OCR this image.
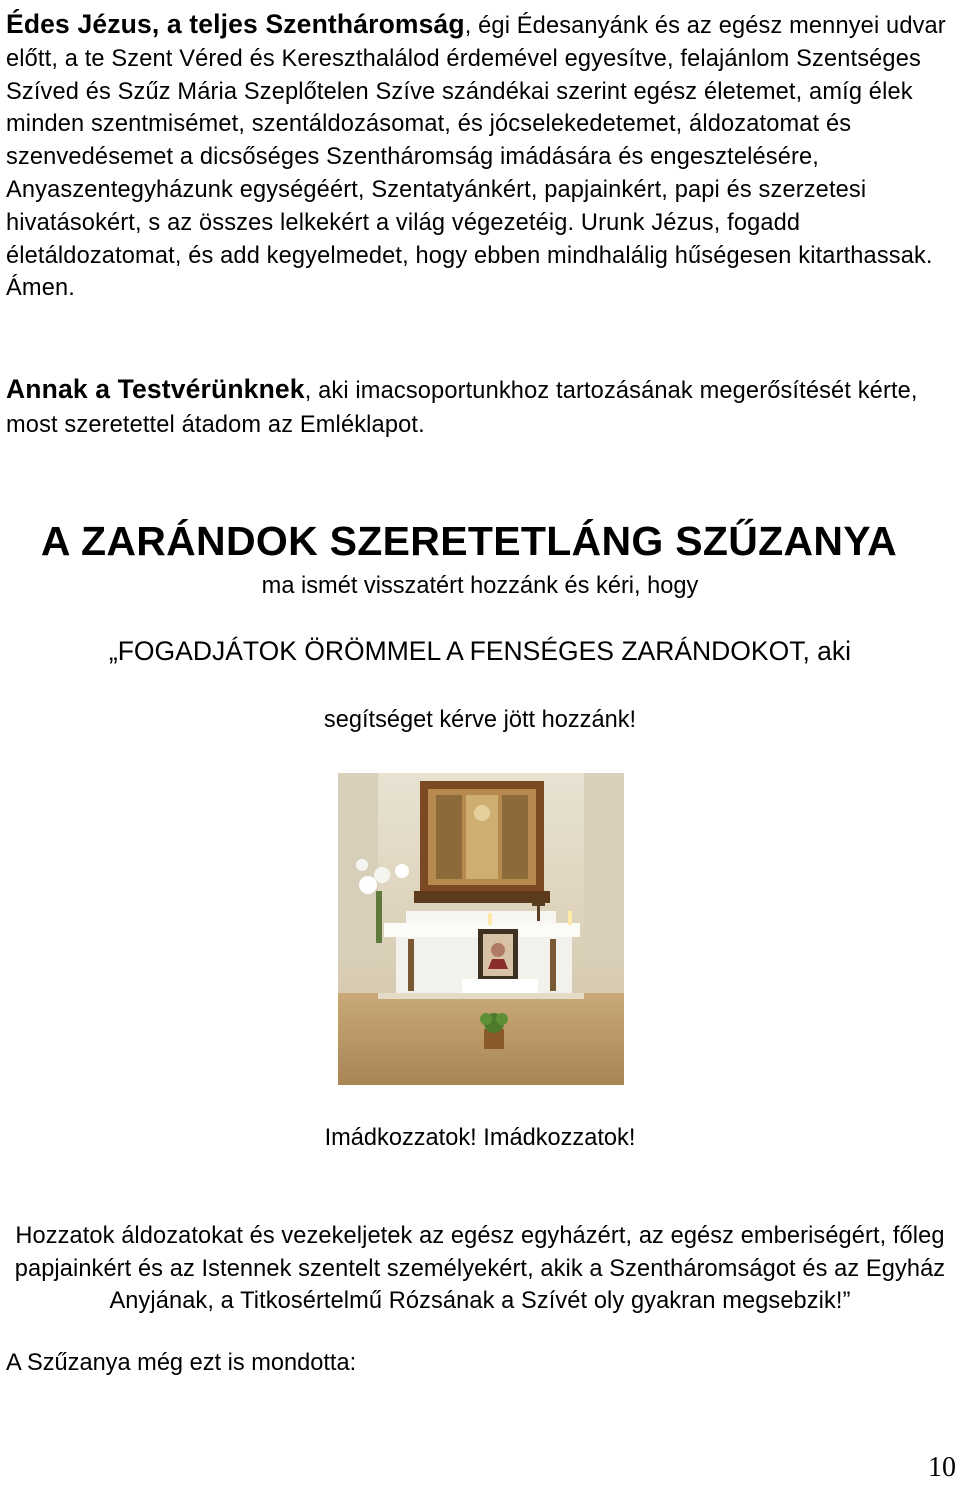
Édes Jézus, a teljes Szentháromság, égi Édesanyánk és az egész mennyei udvar előtt, a te Szent Véred és Kereszthalálod érdemével egyesítve, felajánlom Szentséges Szíved és Szűz Mária Szeplőtelen Szíve szándékai szerint egész életemet, amíg élek minden szentmisémet, szentáldozásomat, és jócselekedetemet, áldozatomat és szenvedésemet a dicsőséges Szentháromság imádására és engesztelésére, Anyaszentegyházunk egységéért, Szentatyánkért, papjainkért, papi és szerzetesi hivatásokért, s az összes lelkekért a világ végezetéig. Urunk Jézus, fogadd életáldozatomat, és add kegyelmedet, hogy ebben mindhalálig hűségesen kitarthassak. Ámen.
Annak a Testvérünknek, aki imacsoportunkhoz tartozásának megerősítését kérte, most szeretettel átadom az Emléklapot.
A ZARÁNDOK SZERETETLÁNG SZŰZANYA
ma ismét visszatért hozzánk és kéri, hogy
„FOGADJÁTOK ÖRÖMMEL A FENSÉGES ZARÁNDOKOT, aki
segítséget kérve jött hozzánk!
Imádkozzatok! Imádkozzatok!
Hozzatok áldozatokat és vezekeljetek az egész egyházért, az egész emberiségért, főleg papjainkért és az Istennek szentelt személyekért, akik a Szentháromságot és az Egyház Anyjának, a Titkosértelmű Rózsának a Szívét oly gyakran megsebzik!”
A Szűzanya még ezt is mondotta:
10
